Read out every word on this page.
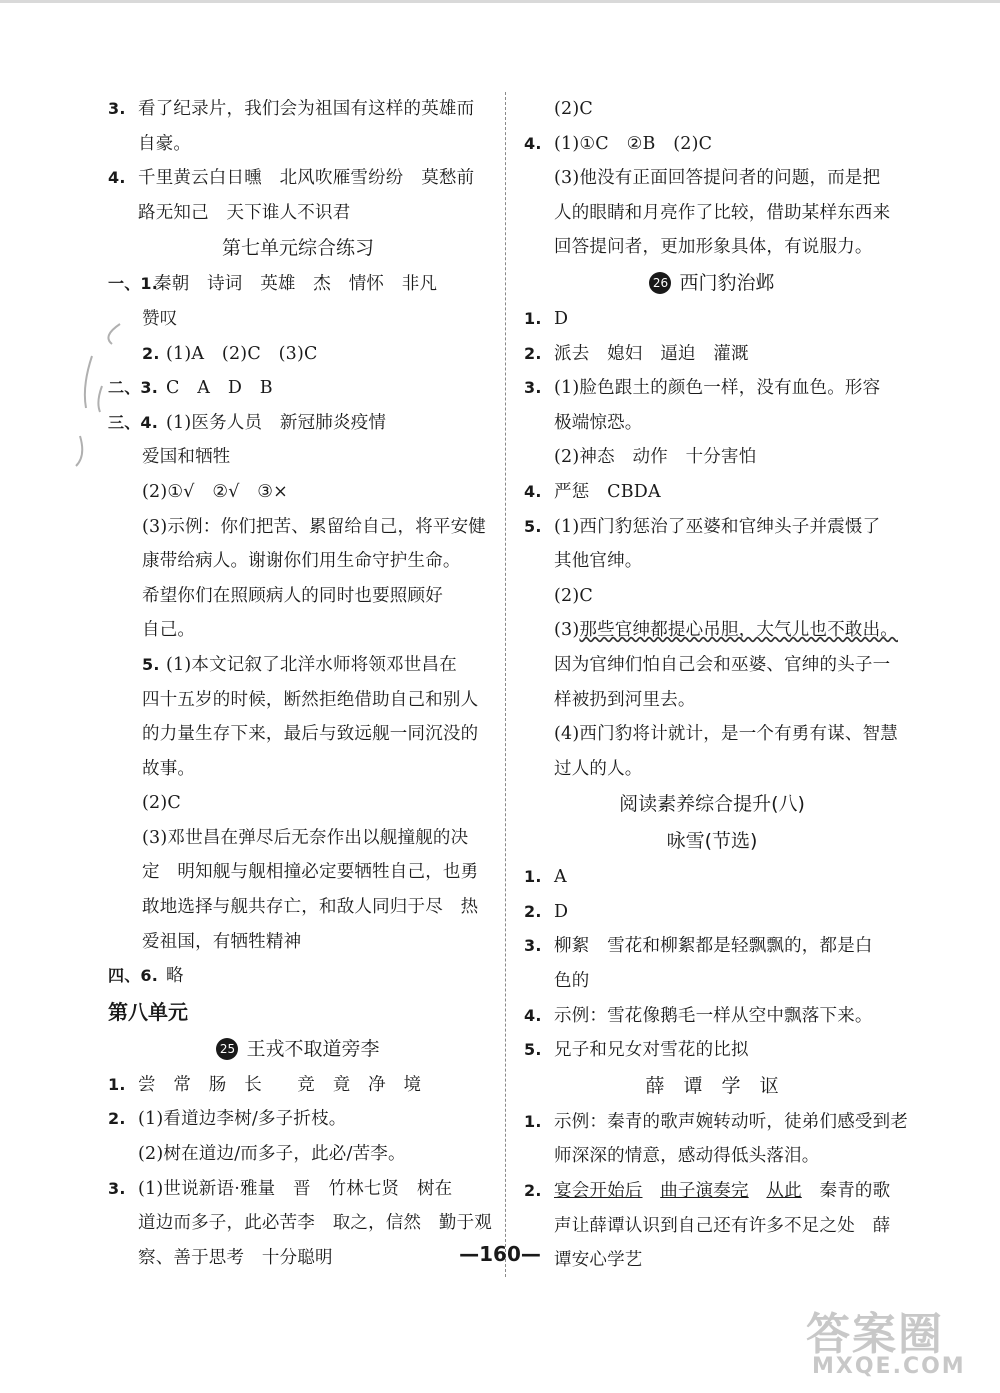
3. 看了纪录片，我们会为祖国有这样的英雄而
自豪。
4. 千里黄云白日曛　北风吹雁雪纷纷　莫愁前
路无知己　天下谁人不识君
第七单元综合练习
一、1.
秦朝　诗词　英雄　杰　情怀　非凡
赞叹
2. (1)A　(2)C　(3)C
二、3. C　A　D　B
三、4. (1)医务人员　新冠肺炎疫情
爱国和牺牲
(2)①√　②√　③×
(3)示例：你们把苦、累留给自己，将平安健
康带给病人。谢谢你们用生命守护生命。
希望你们在照顾病人的同时也要照顾好
自己。
5. (1)本文记叙了北洋水师将领邓世昌在
四十五岁的时候，断然拒绝借助自己和别人
的力量生存下来，最后与致远舰一同沉没的
故事。
(2)C
(3)邓世昌在弹尽后无奈作出以舰撞舰的决
定　明知舰与舰相撞必定要牺牲自己，也勇
敢地选择与舰共存亡，和敌人同归于尽　热
爱祖国，有牺牲精神
四、6. 略
第八单元
25 王戎不取道旁李
1. 尝　常　肠　长　　竞　竟　净　境
2. (1)看道边李树/多子折枝。
(2)树在道边/而多子，此必/苦李。
3. (1)世说新语·雅量　晋　竹林七贤　树在
道边而多子，此必苦李　取之，信然　勤于观
察、善于思考　十分聪明
(2)C
4. (1)①C　②B　(2)C
(3)他没有正面回答提问者的问题，而是把
人的眼睛和月亮作了比较，借助某样东西来
回答提问者，更加形象具体，有说服力。
26 西门豹治邺
1. D
2. 派去　媳妇　逼迫　灌溉
3. (1)脸色跟土的颜色一样，没有血色。形容
极端惊恐。
(2)神态　动作　十分害怕
4. 严惩　CBDA
5. (1)西门豹惩治了巫婆和官绅头子并震慑了
其他官绅。
(2)C
(3)那些官绅都提心吊胆，大气儿也不敢出。
因为官绅们怕自己会和巫婆、官绅的头子一
样被扔到河里去。
(4)西门豹将计就计，是一个有勇有谋、智慧
过人的人。
阅读素养综合提升(八)
咏雪(节选)
1. A
2. D
3. 柳絮　雪花和柳絮都是轻飘飘的，都是白
色的
4. 示例：雪花像鹅毛一样从空中飘落下来。
5. 兄子和兄女对雪花的比拟
薛　谭　学　讴
1. 示例：秦青的歌声婉转动听，徒弟们感受到老
师深深的情意，感动得低头落泪。
2. 宴会开始后　 曲子演奏完　 从此　 秦青的歌
声让薛谭认识到自己还有许多不足之处　薛
谭安心学艺
—160—
答案圈
MXQE.COM
